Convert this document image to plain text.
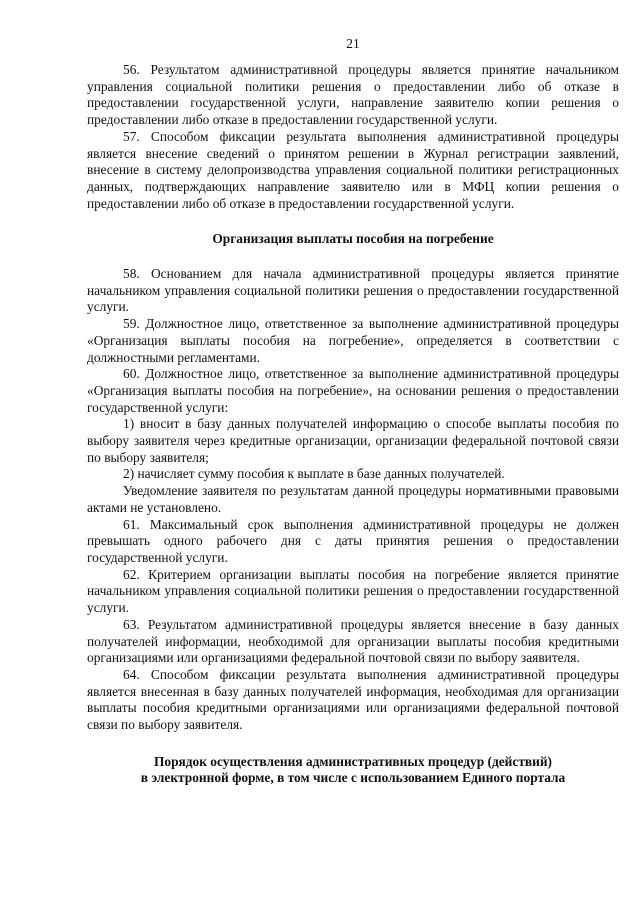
21

56. Результатом административной процедуры является принятие начальником управления социальной политики решения о предоставлении либо об отказе в предоставлении государственной услуги, направление заявителю копии решения о предоставлении либо отказе в предоставлении государственной услуги.

57. Способом фиксации результата выполнения административной процедуры является внесение сведений о принятом решении в Журнал регистрации заявлений, внесение в систему делопроизводства управления социальной политики регистрационных данных, подтверждающих направление заявителю или в МФЦ копии решения о предоставлении либо об отказе в предоставлении государственной услуги.

Организация выплаты пособия на погребение

58. Основанием для начала административной процедуры является принятие начальником управления социальной политики решения о предоставлении государственной услуги.

59. Должностное лицо, ответственное за выполнение административной процедуры «Организация выплаты пособия на погребение», определяется в соответствии с должностными регламентами.

60. Должностное лицо, ответственное за выполнение административной процедуры «Организация выплаты пособия на погребение», на основании решения о предоставлении государственной услуги:

1) вносит в базу данных получателей информацию о способе выплаты пособия по выбору заявителя через кредитные организации, организации федеральной почтовой связи по выбору заявителя;

2) начисляет сумму пособия к выплате в базе данных получателей.

Уведомление заявителя по результатам данной процедуры нормативными правовыми актами не установлено.

61. Максимальный срок выполнения административной процедуры не должен превышать одного рабочего дня с даты принятия решения о предоставлении государственной услуги.

62. Критерием организации выплаты пособия на погребение является принятие начальником управления социальной политики решения о предоставлении государственной услуги.

63. Результатом административной процедуры является внесение в базу данных получателей информации, необходимой для организации выплаты пособия кредитными организациями или организациями федеральной почтовой связи по выбору заявителя.

64. Способом фиксации результата выполнения административной процедуры является внесенная в базу данных получателей информация, необходимая для организации выплаты пособия кредитными организациями или организациями федеральной почтовой связи по выбору заявителя.

Порядок осуществления административных процедур (действий)

в электронной форме, в том числе с использованием Единого портала
